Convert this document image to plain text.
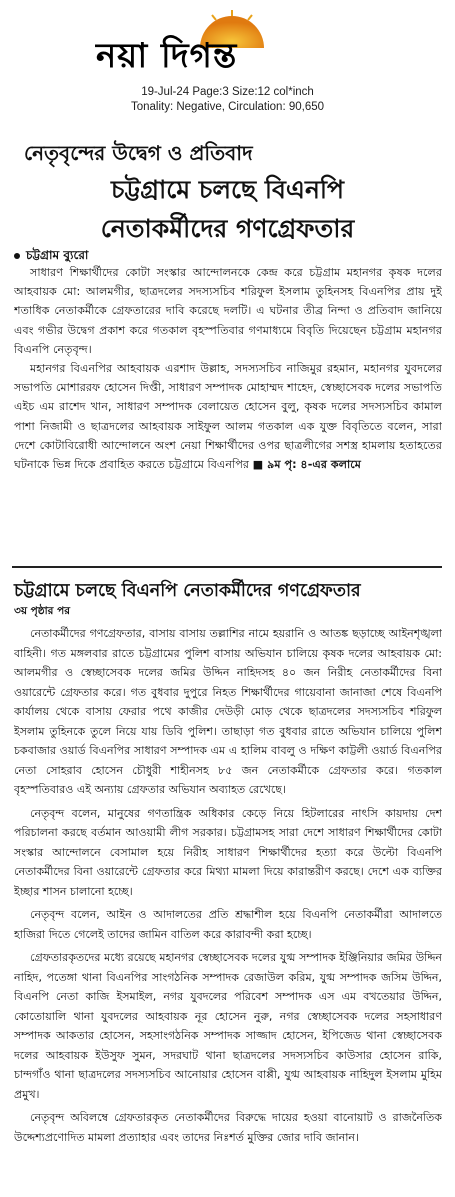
নয়া দিগন্ত
19-Jul-24 Page:3 Size:12 col*inch
Tonality: Negative, Circulation: 90,650
নেতৃবৃন্দের উদ্বেগ ও প্রতিবাদ
চট্টগ্রামে চলছে বিএনপি
নেতাকর্মীদের গণগ্রেফতার
চট্টগ্রাম ব্যুরো

সাধারণ শিক্ষার্থীদের কোটা সংস্কার আন্দোলনকে কেন্দ্র করে চট্টগ্রাম মহানগর কৃষক দলের আহবায়ক মো: আলমগীর, ছাত্রদলের সদস্যসচিব শরিফুল ইসলাম তুহিনসহ বিএনপির প্রায় দুই শতাধিক নেতাকর্মীকে গ্রেফতারের দাবি করেছে দলটি। এ ঘটনার তীব্র নিন্দা ও প্রতিবাদ জানিয়ে এবং গভীর উদ্বেগ প্রকাশ করে গতকাল বৃহস্পতিবার গণমাধ্যমে বিবৃতি দিয়েছেন চট্টগ্রাম মহানগর বিএনপি নেতৃবৃন্দ।

মহানগর বিএনপির আহবায়ক এরশাদ উল্লাহ, সদস্যসচিব নাজিমুর রহমান, মহানগর যুবদলের সভাপতি মোশাররফ হোসেন দিপ্তী, সাধারণ সম্পাদক মোহাম্মদ শাহেদ, স্বেচ্ছাসেবক দলের সভাপতি এইচ এম রাশেদ খান, সাধারণ সম্পাদক বেলায়েত হোসেন বুলু, কৃষক দলের সদস্যসচিব কামাল পাশা নিজামী ও ছাত্রদলের আহবায়ক সাইফুল আলম গতকাল এক যুক্ত বিবৃতিতে বলেন, সারা দেশে কোটাবিরোধী আন্দোলনে অংশ নেয়া শিক্ষার্থীদের ওপর ছাত্রলীগের সশস্ত্র হামলায় হতাহতের ঘটনাকে ভিন্ন দিকে প্রবাহিত করতে চট্টগ্রামে বিএনপির ■ ৯ম পৃ: ৪-এর কলামে

চট্টগ্রামে চলছে বিএনপি নেতাকর্মীদের গণগ্রেফতার
৩য় পৃষ্ঠার পর

নেতাকর্মীদের গণগ্রেফতার, বাসায় বাসায় তল্লাশির নামে হয়রানি ও আতঙ্ক ছড়াচ্ছে আইনশৃঙ্খলা বাহিনী। গত মঙ্গলবার রাতে চট্টগ্রামের পুলিশ বাসায় অভিযান চালিয়ে কৃষক দলের আহবায়ক মো: আলমগীর ও স্বেচ্ছাসেবক দলের জমির উদ্দিন নাহিদসহ ৪০ জন নিরীহ নেতাকর্মীদের বিনা ওয়ারেন্টে গ্রেফতার করে। গত বুধবার দুপুরে নিহত শিক্ষার্থীদের গায়েবানা জানাজা শেষে বিএনপি কার্যালয় থেকে বাসায় ফেরার পথে কাজীর দেউড়ী মোড় থেকে ছাত্রদলের সদস্যসচিব শরিফুল ইসলাম তুহিনকে তুলে নিয়ে যায় ডিবি পুলিশ। তাছাড়া গত বুধবার রাতে অভিযান চালিয়ে পুলিশ চকবাজার ওয়ার্ড বিএনপির সাধারণ সম্পাদক এম এ হালিম বাবলু ও দক্ষিণ কাট্টলী ওয়ার্ড বিএনপির নেতা সোহরাব হোসেন চৌধুরী শাহীনসহ ৮৫ জন নেতাকর্মীকে গ্রেফতার করে। গতকাল বৃহস্পতিবারও এই অন্যায় গ্রেফতার অভিযান অব্যাহত রেখেছে।

নেতৃবৃন্দ বলেন, মানুষের গণতান্ত্রিক অধিকার কেড়ে নিয়ে হিটলারের নাৎসি কায়দায় দেশ পরিচালনা করছে বর্তমান আওয়ামী লীগ সরকার। চট্টগ্রামসহ সারা দেশে সাধারণ শিক্ষার্থীদের কোটা সংস্কার আন্দোলনে বেসামাল হয়ে নিরীহ সাধারণ শিক্ষার্থীদের হত্যা করে উল্টো বিএনপি নেতাকর্মীদের বিনা ওয়ারেন্টে গ্রেফতার করে মিথ্যা মামলা দিয়ে কারান্তরীণ করছে। দেশে এক ব্যক্তির ইচ্ছার শাসন চালানো হচ্ছে।

নেতৃবৃন্দ বলেন, আইন ও আদালতের প্রতি শ্রদ্ধাশীল হয়ে বিএনপি নেতাকর্মীরা আদালতে হাজিরা দিতে গেলেই তাদের জামিন বাতিল করে কারাবন্দী করা হচ্ছে।

গ্রেফতারকৃতদের মধ্যে রয়েছে মহানগর স্বেচ্ছাসেবক দলের যুগ্ম সম্পাদক ইঞ্জিনিয়ার জমির উদ্দিন নাহিদ, পতেঙ্গা থানা বিএনপির সাংগঠনিক সম্পাদক রেজাউল করিম, যুগ্ম সম্পাদক জসিম উদ্দিন, বিএনপি নেতা কাজি ইসমাইল, নগর যুবদলের পরিবেশ সম্পাদক এস এম বখতেয়ার উদ্দিন, কোতোয়ালি থানা যুবদলের আহবায়ক নূর হোসেন নুরু, নগর স্বেচ্ছাসেবক দলের সহসাধারণ সম্পাদক আকতার হোসেন, সহসাংগঠনিক সম্পাদক সাজ্জাদ হোসেন, ইপিজেড থানা স্বেচ্ছাসেবক দলের আহবায়ক ইউসুফ সুমন, সদরঘাট থানা ছাত্রদলের সদস্যসচিব কাউসার হোসেন রাকি, চান্দগাঁও থানা ছাত্রদলের সদস্যসচিব আনোয়ার হোসেন বাপ্পী, যুগ্ম আহবায়ক নাহিদুল ইসলাম মুহিম প্রমুখ।

নেতৃবৃন্দ অবিলম্বে গ্রেফতারকৃত নেতাকর্মীদের বিরুদ্ধে দায়ের হওয়া বানোয়াট ও রাজনৈতিক উদ্দেশ্যপ্রণোদিত মামলা প্রত্যাহার এবং তাদের নিঃশর্ত মুক্তির জোর দাবি জানান।
